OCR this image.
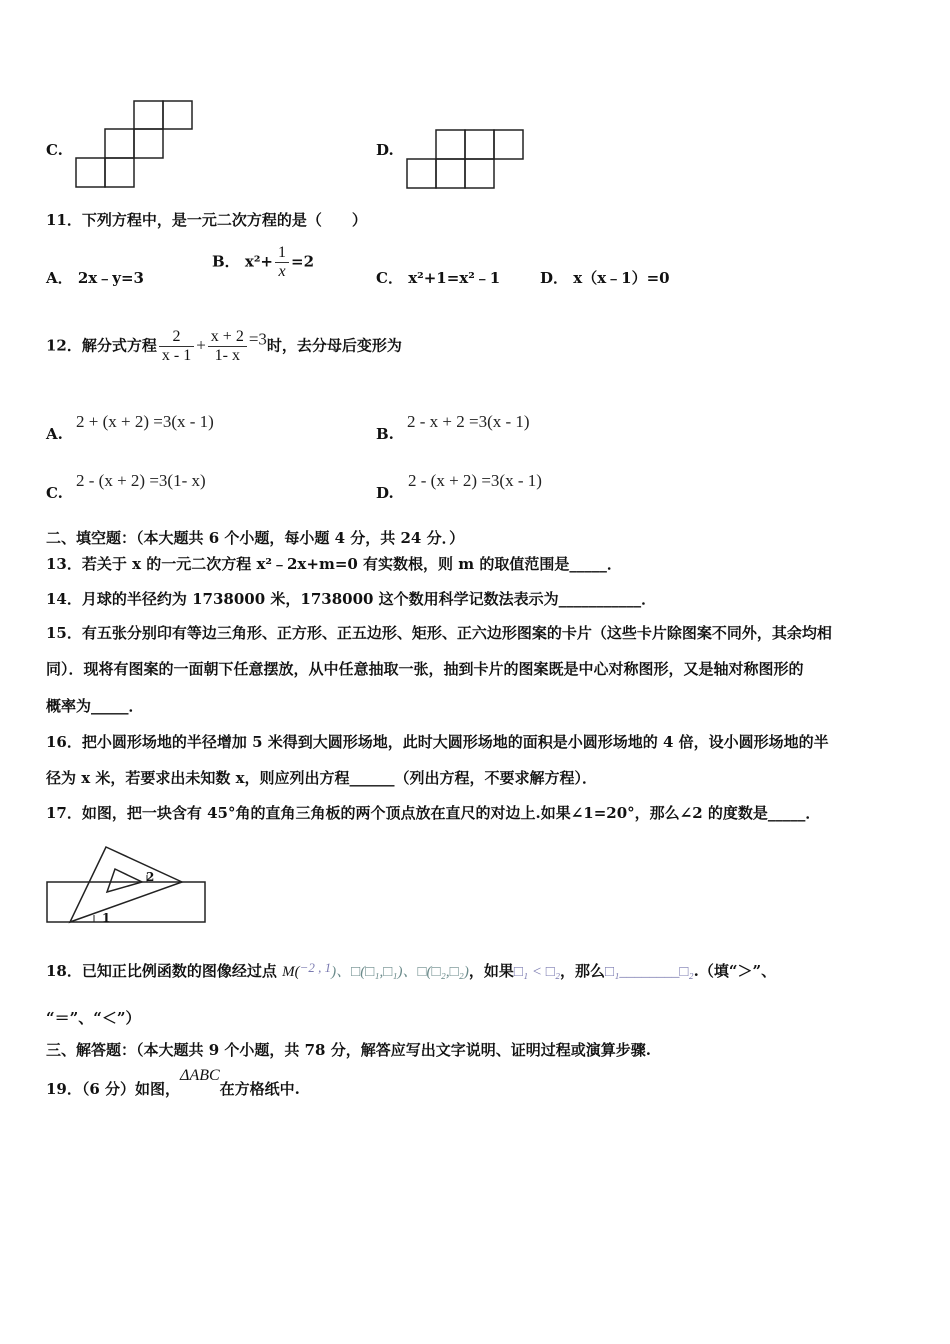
C.	D.
11．下列方程中，是一元二次方程的是（　　）
A． 2x﹣y=3
B． $x^2+ \frac{1}{x} =2$
C． x²+1=x²﹣1	D． x（x﹣1）=0
12．解分式方程 $\frac{2}{x - 1} + \frac{x + 2}{1- x} =3$时，去分母后变形为
A.
2 + (x + 2) =3(x - 1)
B.
2 - x + 2 =3(x - 1)
C.
2 - (x + 2) =3(1- x)
D.
2 - (x + 2) =3(x - 1)
二、填空题：（本大题共 6 个小题，每小题 4 分，共 24 分．）
13．若关于 x 的一元二次方程 x²﹣2x+m=0 有实数根，则 m 的取值范围是_____．
14．月球的半径约为 1738000 米，1738000 这个数用科学记数法表示为___________．
15．有五张分别印有等边三角形、正方形、正五边形、矩形、正六边形图案的卡片（这些卡片除图案不同外，其余均相
同）．现将有图案的一面朝下任意摆放，从中任意抽取一张，抽到卡片的图案既是中心对称图形，又是轴对称图形的
概率为_____．
16．把小圆形场地的半径增加 5 米得到大圆形场地，此时大圆形场地的面积是小圆形场地的 4 倍，设小圆形场地的半
径为 x 米，若要求出未知数 x，则应列出方程______（列出方程，不要求解方程）．
17．如图，把一块含有 45°角的直角三角板的两个顶点放在直尺的对边上.如果∠1=20°，那么∠2 的度数是_____．
2
1
18．已知正比例函数的图像经过点 M(−2 , 1)、□(□₁,□₁)、□(□₂,□₂)，如果□₁ < □₂，那么□₁________□₂.（填“＞”、
“＝”、“＜”）
三、解答题：（本大题共 9 个小题，共 78 分，解答应写出文字说明、证明过程或演算步骤.
19．（6 分）如图，ΔABC在方格纸中.
